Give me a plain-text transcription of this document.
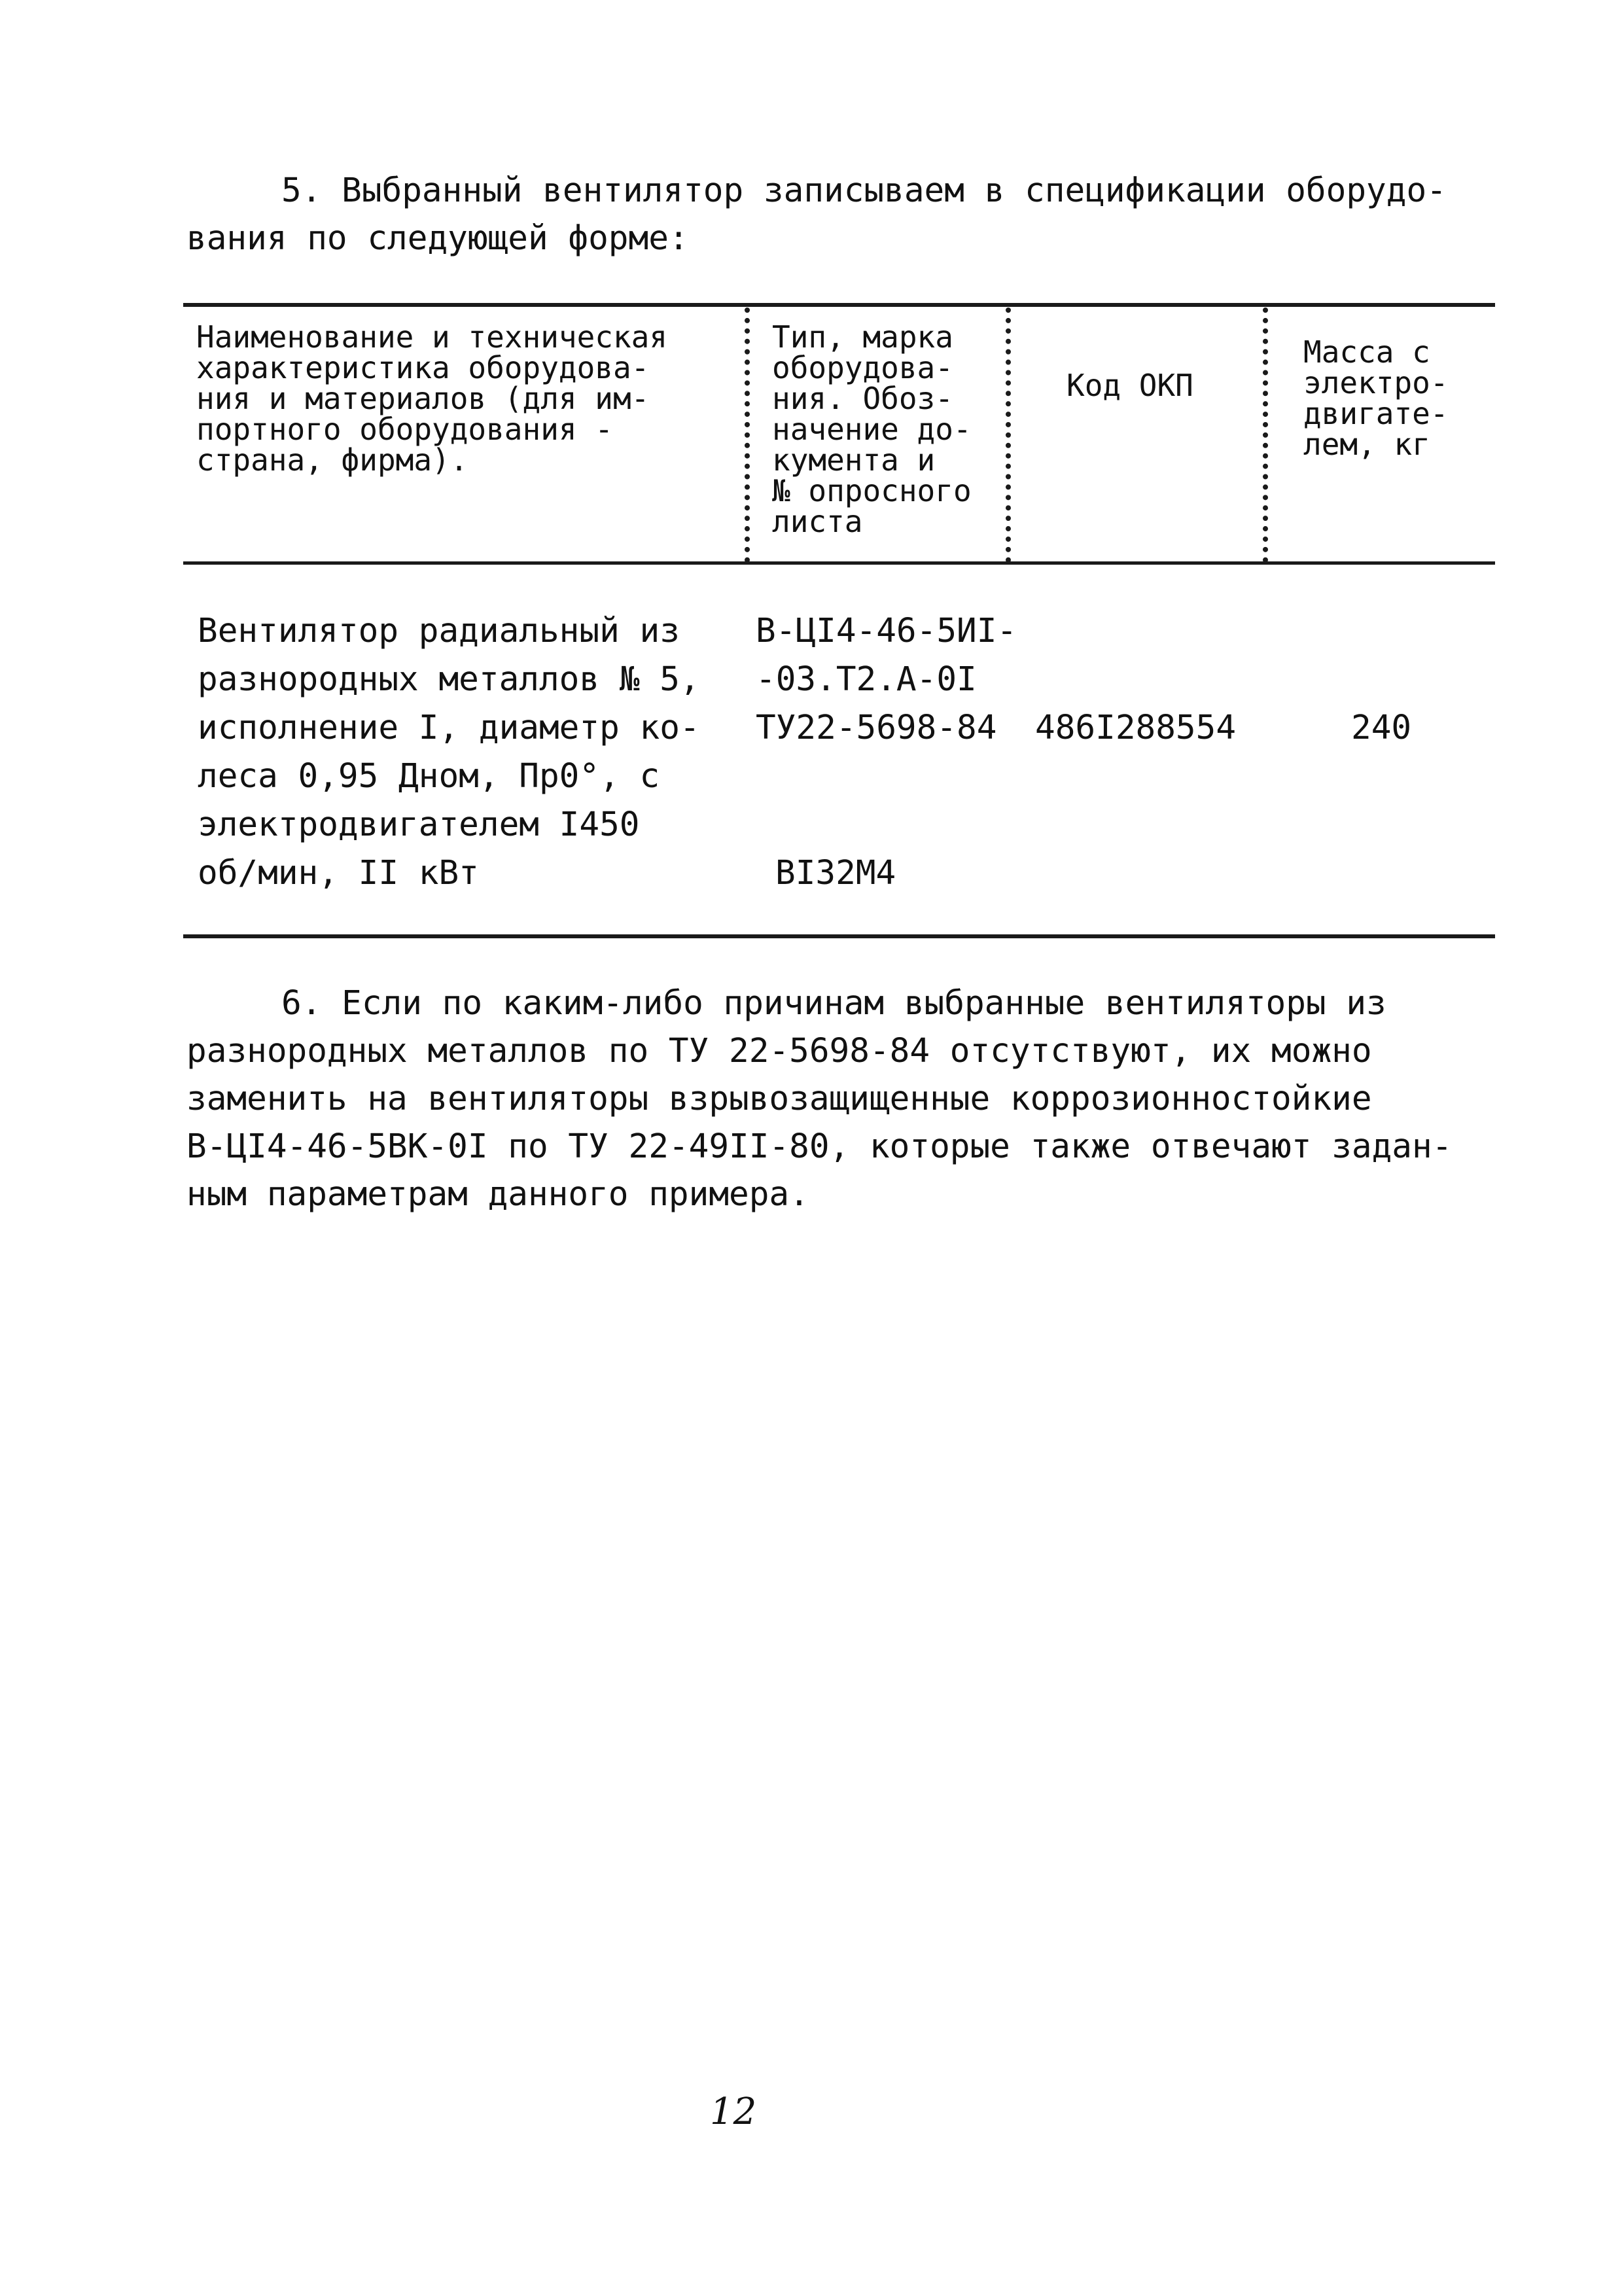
5. Выбранный вентилятор записываем в спецификации оборудо-
вания по следующей форме:
Наименование и техническая
характеристика оборудова-
ния и материалов (для им-
портного оборудования -
страна, фирма).
Тип, марка
оборудова-
ния. Обоз-
начение до-
кумента и
№ опросного
листа
Код ОКП
Масса с
электро-
двигате-
лем, кг
Вентилятор радиальный из
разнородных металлов № 5,
исполнение I, диаметр ко-
леса 0,95 Дном, Пр0°, с
электродвигателем I450
об/мин, II кВт
В-ЦI4-46-5ИI-
-03.Т2.А-0I
ТУ22-5698-84
ВI32М4
486I288554	240
6. Если по каким-либо причинам выбранные вентиляторы из
разнородных металлов по ТУ 22-5698-84 отсутствуют, их можно
заменить на вентиляторы взрывозащищенные коррозионностойкие
В-ЦI4-46-5ВК-0I по ТУ 22-49II-80, которые также отвечают задан-
ным параметрам данного примера.
12
